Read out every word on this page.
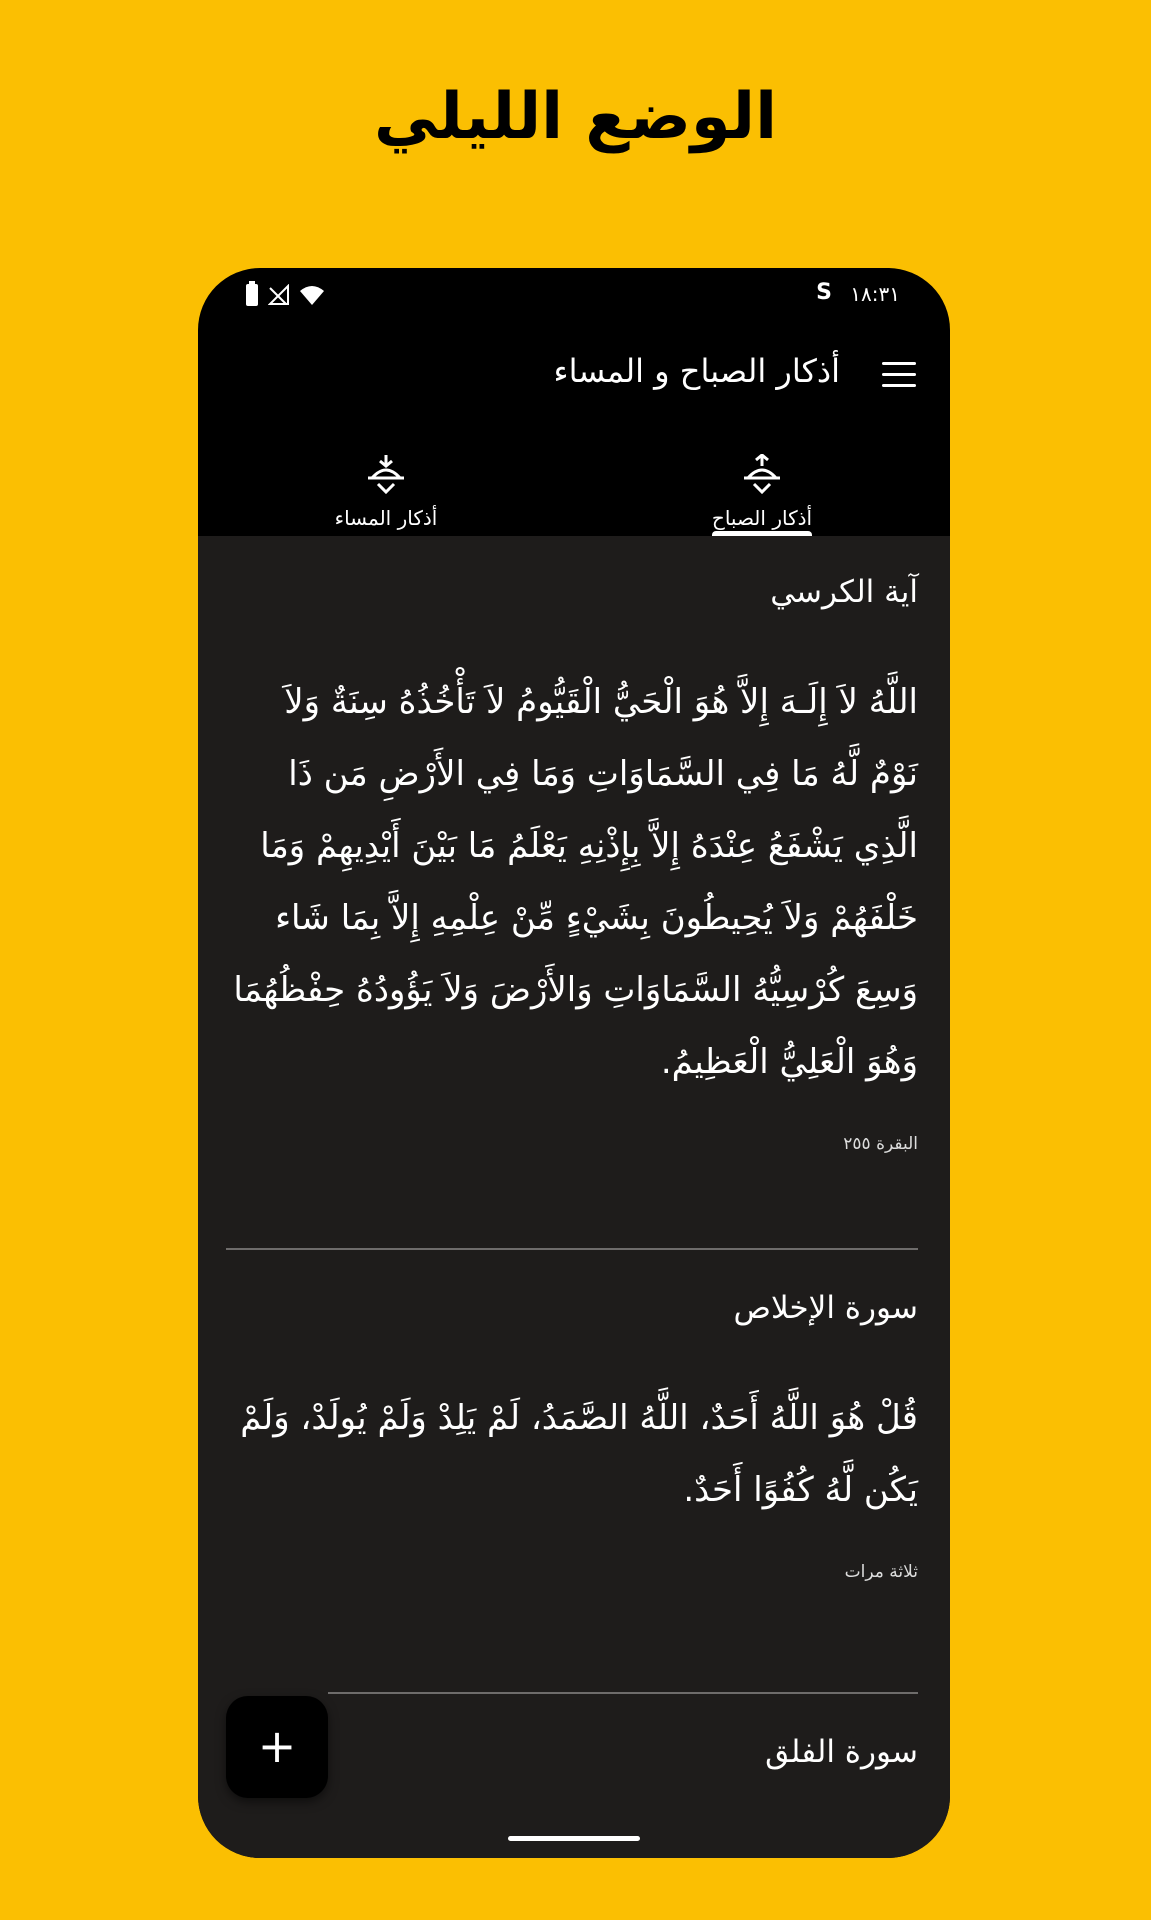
الوضع الليلي
S ١٨:٣١
أذكار الصباح و المساء
أذكار الصباح
أذكار المساء
آية الكرسي
اللَّهُ لاَ إِلَـهَ إِلاَّ هُوَ الْحَيُّ الْقَيُّومُ لاَ تَأْخُذُهُ سِنَةٌ وَلاَ نَوْمٌ لَّهُ مَا فِي السَّمَاوَاتِ وَمَا فِي الأَرْضِ مَن ذَا الَّذِي يَشْفَعُ عِنْدَهُ إِلاَّ بِإِذْنِهِ يَعْلَمُ مَا بَيْنَ أَيْدِيهِمْ وَمَا خَلْفَهُمْ وَلاَ يُحِيطُونَ بِشَيْءٍ مِّنْ عِلْمِهِ إِلاَّ بِمَا شَاء وَسِعَ كُرْسِيُّهُ السَّمَاوَاتِ وَالأَرْضَ وَلاَ يَؤُودُهُ حِفْظُهُمَا وَهُوَ الْعَلِيُّ الْعَظِيمُ.
البقرة ٢٥٥
سورة الإخلاص
قُلْ هُوَ اللَّهُ أَحَدٌ، اللَّهُ الصَّمَدُ، لَمْ يَلِدْ وَلَمْ يُولَدْ، وَلَمْ يَكُن لَّهُ كُفُوًا أَحَدٌ.
ثلاثة مرات
سورة الفلق
+
